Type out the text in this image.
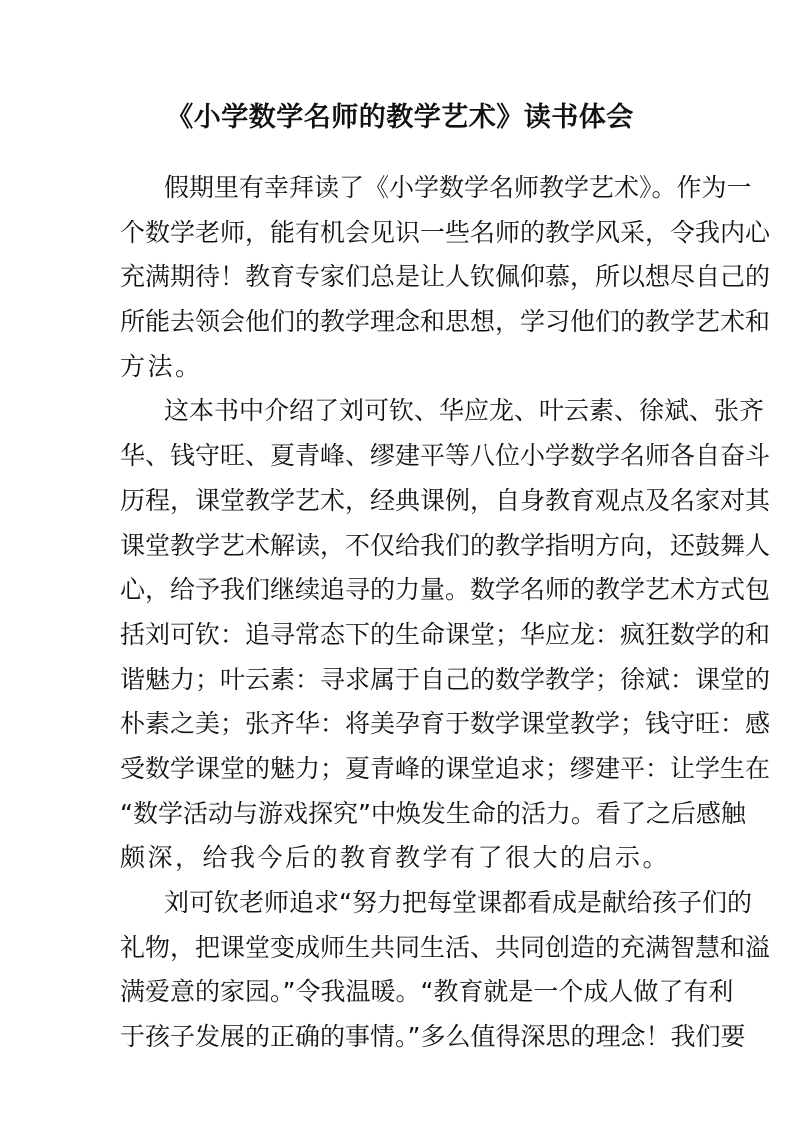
《小学数学名师的教学艺术》读书体会
假期里有幸拜读了《小学数学名师教学艺术》。作为一
个数学老师，能有机会见识一些名师的教学风采，令我内心
充满期待！教育专家们总是让人钦佩仰慕，所以想尽自己的
所能去领会他们的教学理念和思想，学习他们的教学艺术和
方法。
这本书中介绍了刘可钦、华应龙、叶云素、徐斌、张齐
华、钱守旺、夏青峰、缪建平等八位小学数学名师各自奋斗
历程，课堂教学艺术，经典课例，自身教育观点及名家对其
课堂教学艺术解读，不仅给我们的教学指明方向，还鼓舞人
心，给予我们继续追寻的力量。数学名师的教学艺术方式包
括刘可钦：追寻常态下的生命课堂；华应龙：疯狂数学的和
谐魅力；叶云素：寻求属于自己的数学教学；徐斌：课堂的
朴素之美；张齐华：将美孕育于数学课堂教学；钱守旺：感
受数学课堂的魅力；夏青峰的课堂追求；缪建平：让学生在
“数学活动与游戏探究”中焕发生命的活力。看了之后感触
颇深，给我今后的教育教学有了很大的启示。
刘可钦老师追求“努力把每堂课都看成是献给孩子们的
礼物，把课堂变成师生共同生活、共同创造的充满智慧和溢
满爱意的家园。”令我温暖。“教育就是一个成人做了有利
于孩子发展的正确的事情。”多么值得深思的理念！我们要
